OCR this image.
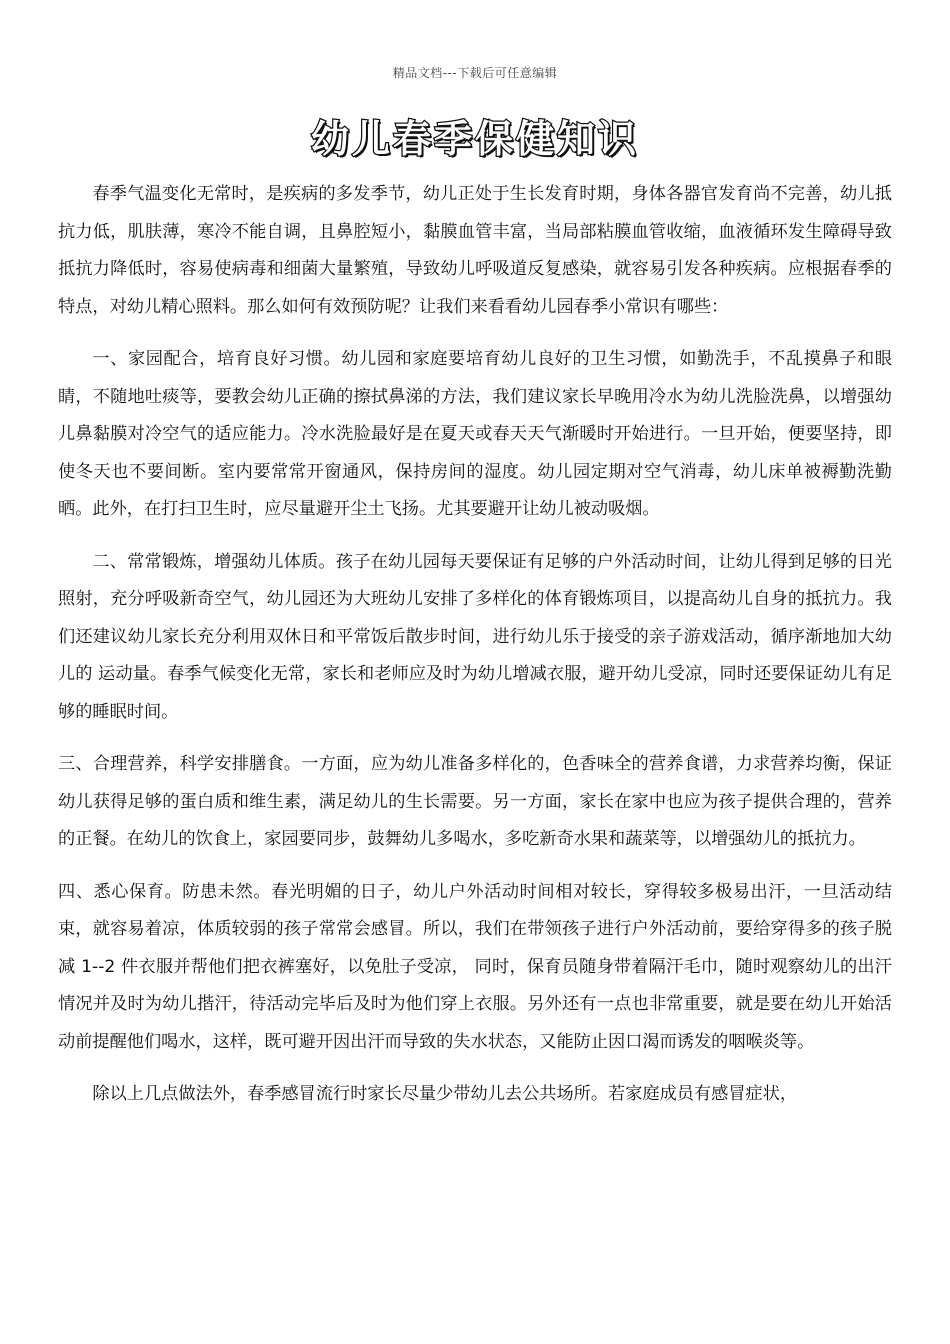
精品文档---下载后可任意编辑
幼儿春季保健知识

春季气温变化无常时，是疾病的多发季节，幼儿正处于生长发育时期，身体各器官发育尚不完善，幼儿抵抗力低，肌肤薄，寒冷不能自调，且鼻腔短小，黏膜血管丰富，当局部粘膜血管收缩，血液循环发生障碍导致抵抗力降低时，容易使病毒和细菌大量繁殖，导致幼儿呼吸道反复感染，就容易引发各种疾病。应根据春季的特点，对幼儿精心照料。那么如何有效预防呢？让我们来看看幼儿园春季小常识有哪些：

一、家园配合，培育良好习惯。幼儿园和家庭要培育幼儿良好的卫生习惯，如勤洗手，不乱摸鼻子和眼睛，不随地吐痰等，要教会幼儿正确的擦拭鼻涕的方法，我们建议家长早晚用冷水为幼儿洗脸洗鼻，以增强幼儿鼻黏膜对冷空气的适应能力。冷水洗脸最好是在夏天或春天天气渐暖时开始进行。一旦开始，便要坚持，即使冬天也不要间断。室内要常常开窗通风，保持房间的湿度。幼儿园定期对空气消毒，幼儿床单被褥勤洗勤晒。此外，在打扫卫生时，应尽量避开尘土飞扬。尤其要避开让幼儿被动吸烟。

二、常常锻炼，增强幼儿体质。孩子在幼儿园每天要保证有足够的户外活动时间，让幼儿得到足够的日光照射，充分呼吸新奇空气，幼儿园还为大班幼儿安排了多样化的体育锻炼项目，以提高幼儿自身的抵抗力。我们还建议幼儿家长充分利用双休日和平常饭后散步时间，进行幼儿乐于接受的亲子游戏活动，循序渐地加大幼儿的 运动量。春季气候变化无常，家长和老师应及时为幼儿增减衣服，避开幼儿受凉，同时还要保证幼儿有足够的睡眠时间。

三、合理营养，科学安排膳食。一方面，应为幼儿准备多样化的，色香味全的营养食谱，力求营养均衡，保证幼儿获得足够的蛋白质和维生素，满足幼儿的生长需要。另一方面，家长在家中也应为孩子提供合理的，营养的正餐。在幼儿的饮食上，家园要同步，鼓舞幼儿多喝水，多吃新奇水果和蔬菜等，以增强幼儿的抵抗力。

四、悉心保育。防患未然。春光明媚的日子，幼儿户外活动时间相对较长，穿得较多极易出汗，一旦活动结束，就容易着凉，体质较弱的孩子常常会感冒。所以，我们在带领孩子进行户外活动前，要给穿得多的孩子脱减 1--2 件衣服并帮他们把衣裤塞好，以免肚子受凉， 同时，保育员随身带着隔汗毛巾，随时观察幼儿的出汗情况并及时为幼儿揩汗，待活动完毕后及时为他们穿上衣服。另外还有一点也非常重要，就是要在幼儿开始活动前提醒他们喝水，这样，既可避开因出汗而导致的失水状态，又能防止因口渴而诱发的咽喉炎等。

除以上几点做法外，春季感冒流行时家长尽量少带幼儿去公共场所。若家庭成员有感冒症状，
